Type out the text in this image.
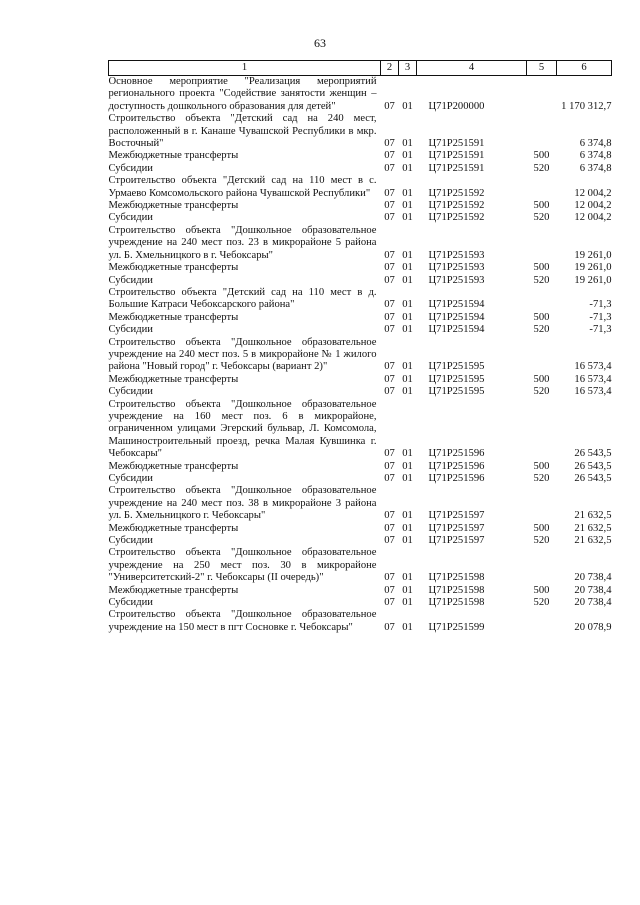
63
1	2	3	4	5	6
Основное мероприятие "Реализация мероприятий регионального проекта "Содействие занятости женщин – доступность дошкольного образования для детей"	07	01	Ц71P200000		1 170 312,7
Строительство объекта "Детский сад на 240 мест, расположенный в г. Канаше Чувашской Республики в мкр. Восточный"	07	01	Ц71P251591		6 374,8
Межбюджетные трансферты	07	01	Ц71P251591	500	6 374,8
Субсидии	07	01	Ц71P251591	520	6 374,8
Строительство объекта "Детский сад на 110 мест в с. Урмаево Комсомольского района Чувашской Республики"	07	01	Ц71P251592		12 004,2
Межбюджетные трансферты	07	01	Ц71P251592	500	12 004,2
Субсидии	07	01	Ц71P251592	520	12 004,2
Строительство объекта "Дошкольное образовательное учреждение на 240 мест поз. 23 в микрорайоне 5 района ул. Б. Хмельницкого в г. Чебоксары"	07	01	Ц71P251593		19 261,0
Межбюджетные трансферты	07	01	Ц71P251593	500	19 261,0
Субсидии	07	01	Ц71P251593	520	19 261,0
Строительство объекта "Детский сад на 110 мест в д. Большие Катраси Чебоксарского района"	07	01	Ц71P251594		-71,3
Межбюджетные трансферты	07	01	Ц71P251594	500	-71,3
Субсидии	07	01	Ц71P251594	520	-71,3
Строительство объекта "Дошкольное образовательное учреждение на 240 мест поз. 5 в микрорайоне № 1 жилого района "Новый город" г. Чебоксары (вариант 2)"	07	01	Ц71P251595		16 573,4
Межбюджетные трансферты	07	01	Ц71P251595	500	16 573,4
Субсидии	07	01	Ц71P251595	520	16 573,4
Строительство объекта "Дошкольное образовательное учреждение на 160 мест поз. 6 в микрорайоне, ограниченном улицами Эгерский бульвар, Л. Комсомола, Машиностроительный проезд, речка Малая Кувшинка г. Чебоксары"	07	01	Ц71P251596		26 543,5
Межбюджетные трансферты	07	01	Ц71P251596	500	26 543,5
Субсидии	07	01	Ц71P251596	520	26 543,5
Строительство объекта "Дошкольное образовательное учреждение на 240 мест поз. 38 в микрорайоне 3 района ул. Б. Хмельницкого г. Чебоксары"	07	01	Ц71P251597		21 632,5
Межбюджетные трансферты	07	01	Ц71P251597	500	21 632,5
Субсидии	07	01	Ц71P251597	520	21 632,5
Строительство объекта "Дошкольное образовательное учреждение на 250 мест поз. 30 в микрорайоне "Университетский-2" г. Чебоксары (II очередь)"	07	01	Ц71P251598		20 738,4
Межбюджетные трансферты	07	01	Ц71P251598	500	20 738,4
Субсидии	07	01	Ц71P251598	520	20 738,4
Строительство объекта "Дошкольное образовательное учреждение на 150 мест в пгт Сосновке г. Чебоксары"	07	01	Ц71P251599		20 078,9
